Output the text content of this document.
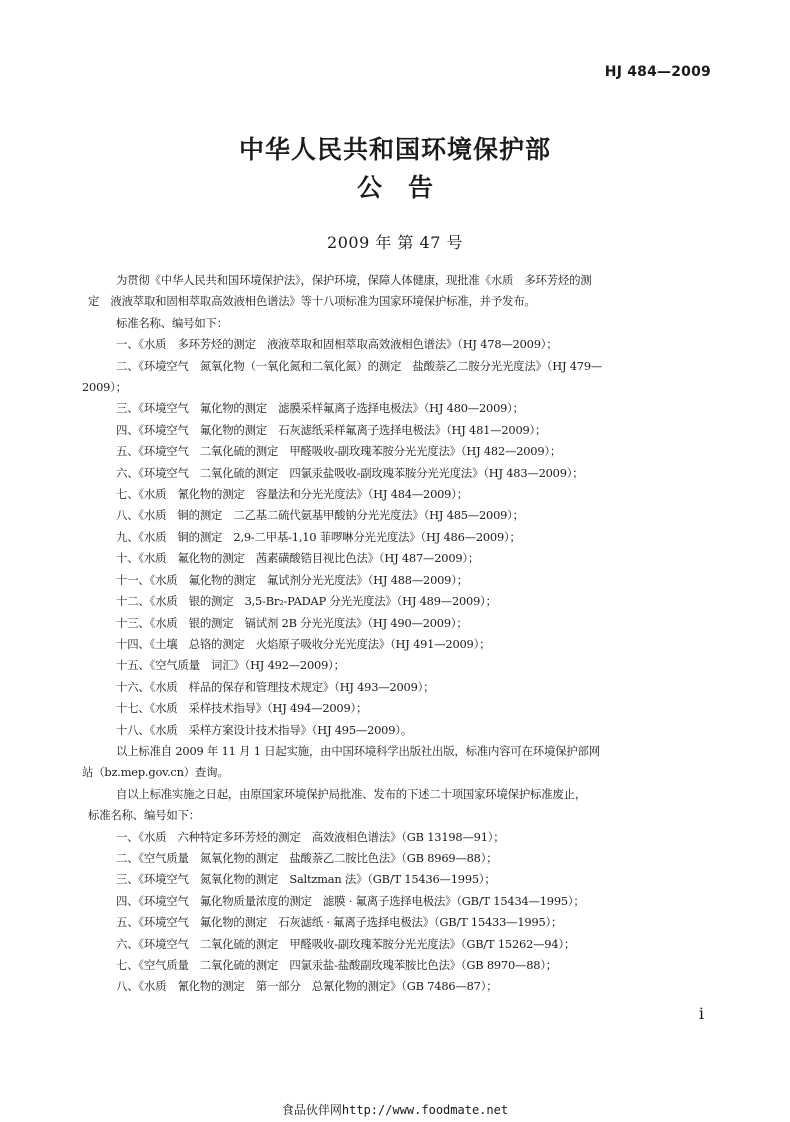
HJ 484—2009
中华人民共和国环境保护部
公告
2009 年 第 47 号
为贯彻《中华人民共和国环境保护法》，保护环境，保障人体健康，现批准《水质　多环芳烃的测
定　液液萃取和固相萃取高效液相色谱法》等十八项标准为国家环境保护标准，并予发布。
标准名称、编号如下：
一、《水质　多环芳烃的测定　液液萃取和固相萃取高效液相色谱法》（HJ 478—2009）；
二、《环境空气　氮氧化物（一氧化氮和二氧化氮）的测定　盐酸萘乙二胺分光光度法》（HJ 479—
2009）；
三、《环境空气　氟化物的测定　滤膜采样氟离子选择电极法》（HJ 480—2009）；
四、《环境空气　氟化物的测定　石灰滤纸采样氟离子选择电极法》（HJ 481—2009）；
五、《环境空气　二氧化硫的测定　甲醛吸收-副玫瑰苯胺分光光度法》（HJ 482—2009）；
六、《环境空气　二氧化硫的测定　四氯汞盐吸收-副玫瑰苯胺分光光度法》（HJ 483—2009）；
七、《水质　氰化物的测定　容量法和分光光度法》（HJ 484—2009）；
八、《水质　铜的测定　二乙基二硫代氨基甲酸钠分光光度法》（HJ 485—2009）；
九、《水质　铜的测定　2,9-二甲基-1,10 菲啰啉分光光度法》（HJ 486—2009）；
十、《水质　氟化物的测定　茜素磺酸锆目视比色法》（HJ 487—2009）；
十一、《水质　氟化物的测定　氟试剂分光光度法》（HJ 488—2009）；
十二、《水质　银的测定　3,5-Br₂-PADAP 分光光度法》（HJ 489—2009）；
十三、《水质　银的测定　镉试剂 2B 分光光度法》（HJ 490—2009）；
十四、《土壤　总铬的测定　火焰原子吸收分光光度法》（HJ 491—2009）；
十五、《空气质量　词汇》（HJ 492—2009）；
十六、《水质　样品的保存和管理技术规定》（HJ 493—2009）；
十七、《水质　采样技术指导》（HJ 494—2009）；
十八、《水质　采样方案设计技术指导》（HJ 495—2009）。
以上标准自 2009 年 11 月 1 日起实施，由中国环境科学出版社出版，标准内容可在环境保护部网
站（bz.mep.gov.cn）查询。
自以上标准实施之日起，由原国家环境保护局批准、发布的下述二十项国家环境保护标准废止，
标准名称、编号如下：
一、《水质　六种特定多环芳烃的测定　高效液相色谱法》（GB 13198—91）；
二、《空气质量　氮氧化物的测定　盐酸萘乙二胺比色法》（GB 8969—88）；
三、《环境空气　氮氧化物的测定　Saltzman 法》（GB/T 15436—1995）；
四、《环境空气　氟化物质量浓度的测定　滤膜 · 氟离子选择电极法》（GB/T 15434—1995）；
五、《环境空气　氟化物的测定　石灰滤纸 · 氟离子选择电极法》（GB/T 15433—1995）；
六、《环境空气　二氧化硫的测定　甲醛吸收-副玫瑰苯胺分光光度法》（GB/T 15262—94）；
七、《空气质量　二氧化硫的测定　四氯汞盐-盐酸副玫瑰苯胺比色法》（GB 8970—88）；
八、《水质　氰化物的测定　第一部分　总氰化物的测定》（GB 7486—87）；
i
食品伙伴网http://www.foodmate.net
